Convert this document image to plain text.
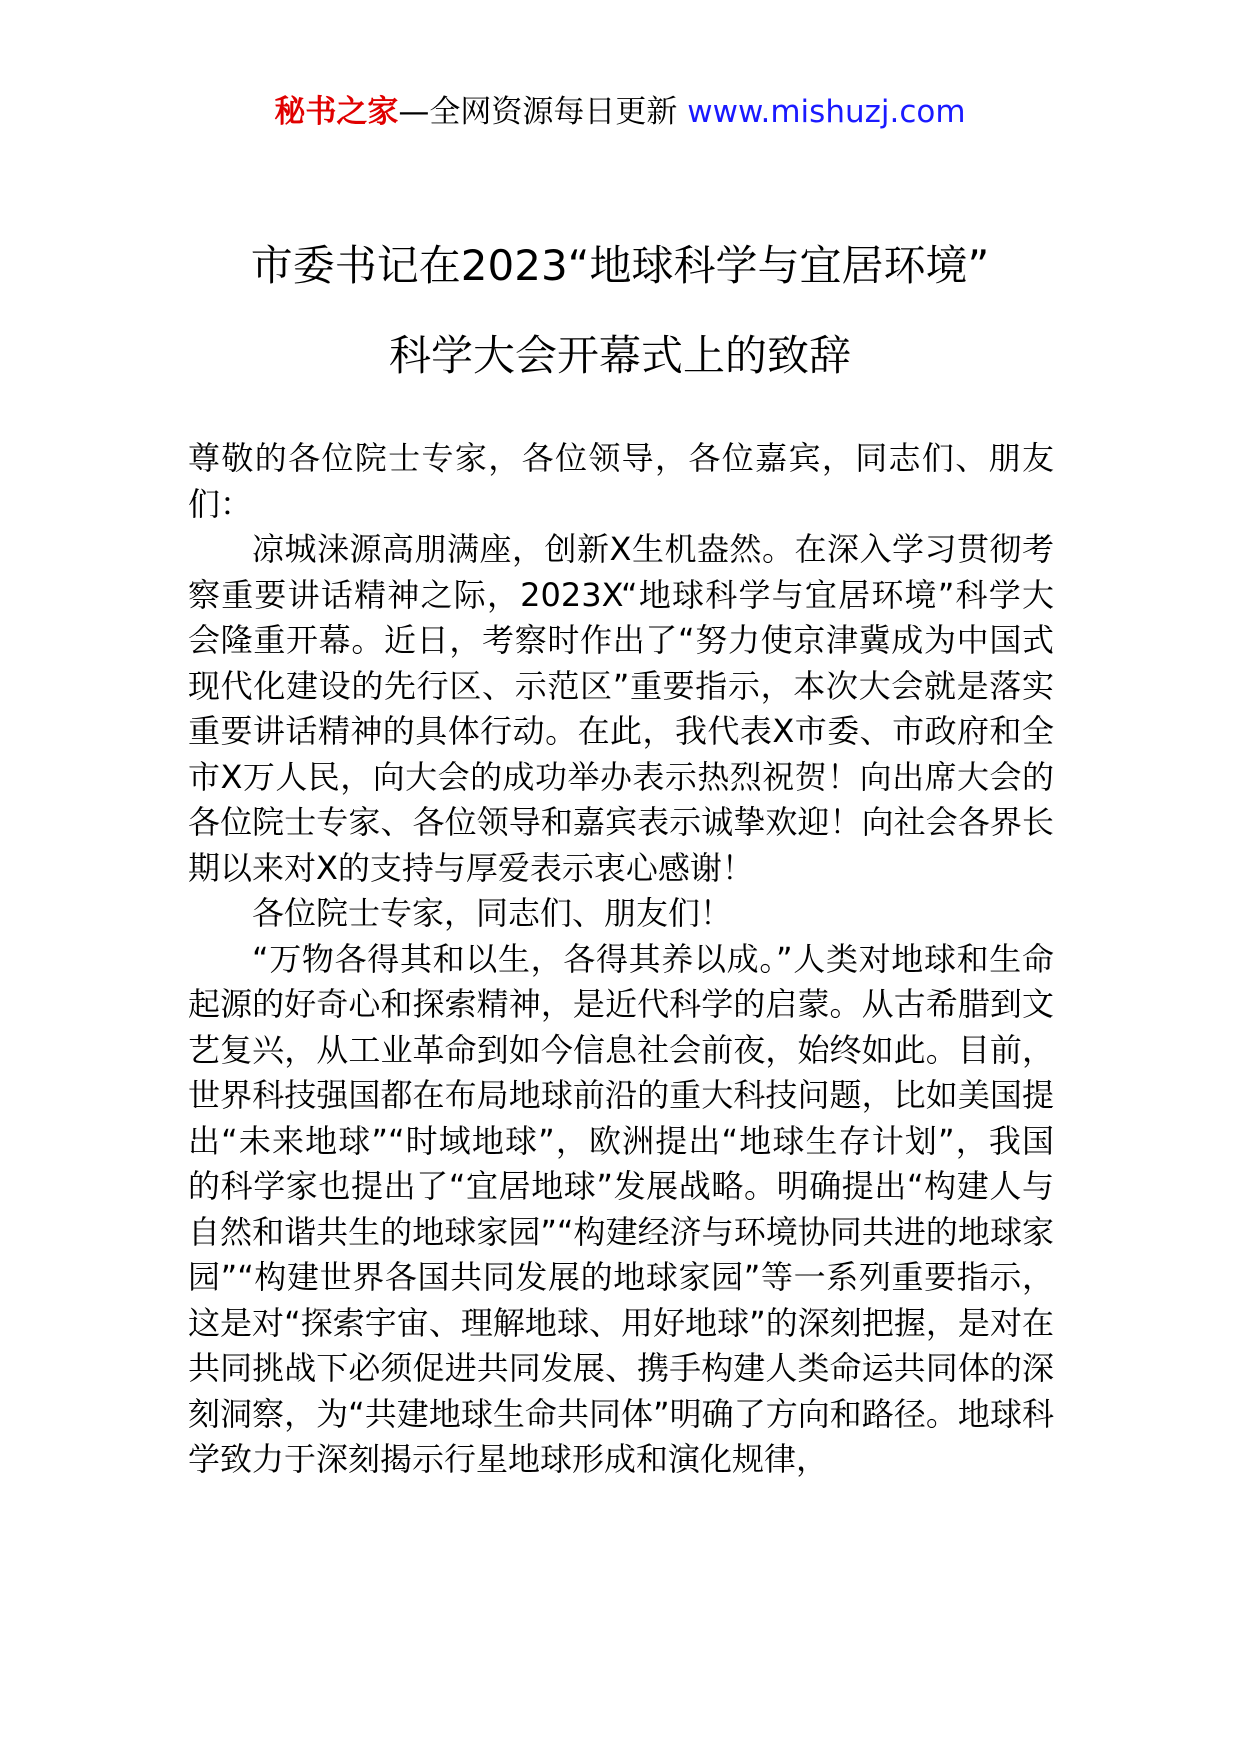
秘书之家—全网资源每日更新 www.mishuzj.com
市委书记在2023“地球科学与宜居环境”
科学大会开幕式上的致辞

尊敬的各位院士专家，各位领导，各位嘉宾，同志们、朋友们：

凉城涞源高朋满座，创新X生机盎然。在深入学习贯彻考察重要讲话精神之际，2023X“地球科学与宜居环境”科学大会隆重开幕。近日，考察时作出了“努力使京津冀成为中国式现代化建设的先行区、示范区”重要指示，本次大会就是落实重要讲话精神的具体行动。在此，我代表X市委、市政府和全市X万人民，向大会的成功举办表示热烈祝贺！向出席大会的各位院士专家、各位领导和嘉宾表示诚挚欢迎！向社会各界长期以来对X的支持与厚爱表示衷心感谢！

各位院士专家，同志们、朋友们！

“万物各得其和以生，各得其养以成。”人类对地球和生命起源的好奇心和探索精神，是近代科学的启蒙。从古希腊到文艺复兴，从工业革命到如今信息社会前夜，始终如此。目前，世界科技强国都在布局地球前沿的重大科技问题，比如美国提出“未来地球”“时域地球”，欧洲提出“地球生存计划”，我国的科学家也提出了“宜居地球”发展战略。明确提出“构建人与自然和谐共生的地球家园”“构建经济与环境协同共进的地球家园”“构建世界各国共同发展的地球家园”等一系列重要指示，这是对“探索宇宙、理解地球、用好地球”的深刻把握，是对在共同挑战下必须促进共同发展、携手构建人类命运共同体的深刻洞察，为“共建地球生命共同体”明确了方向和路径。地球科学致力于深刻揭示行星地球形成和演化规律，
